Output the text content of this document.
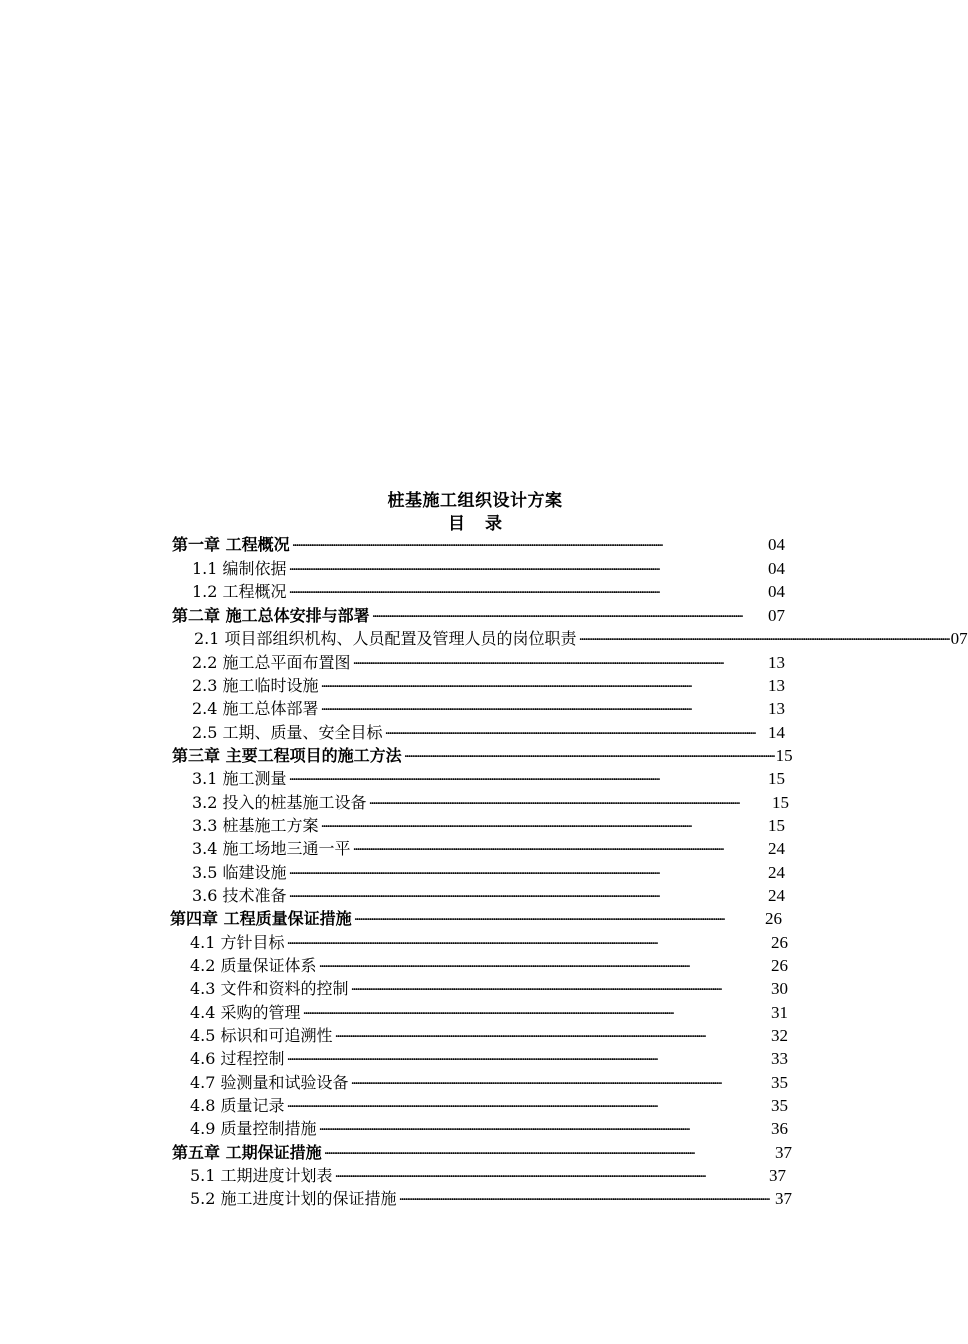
桩基施工组织设计方案
目 录
第一章 工程概况 ········································································································································································································	04
1.1 编制依据 ········································································································································································································	04
1.2 工程概况 ········································································································································································································	04
第二章 施工总体安排与部署 ········································································································································································································	07
2.1 项目部组织机构、人员配置及管理人员的岗位职责 ········································································································································································································ 07
2.2 施工总平面布置图 ········································································································································································································	13
2.3 施工临时设施 ········································································································································································································	13
2.4 施工总体部署 ········································································································································································································	13
2.5 工期、质量、安全目标 ········································································································································································································ 14
第三章 主要工程项目的施工方法 ········································································································································································································ 15
3.1 施工测量 ········································································································································································································	15
3.2 投入的桩基施工设备 ········································································································································································································	15
3.3 桩基施工方案 ········································································································································································································	15
3.4 施工场地三通一平 ········································································································································································································	24
3.5 临建设施 ········································································································································································································	24
3.6 技术准备 ········································································································································································································	24
第四章 工程质量保证措施 ········································································································································································································	26
4.1 方针目标 ········································································································································································································	26
4.2 质量保证体系 ········································································································································································································	26
4.3 文件和资料的控制 ········································································································································································································	30
4.4 采购的管理 ········································································································································································································	31
4.5 标识和可追溯性 ········································································································································································································	32
4.6 过程控制 ········································································································································································································	33
4.7 验测量和试验设备 ········································································································································································································	35
4.8 质量记录 ········································································································································································································	35
4.9 质量控制措施 ········································································································································································································	36
第五章 工期保证措施 ········································································································································································································	37
5.1 工期进度计划表 ········································································································································································································	37
5.2 施工进度计划的保证措施 ········································································································································································································ 37
